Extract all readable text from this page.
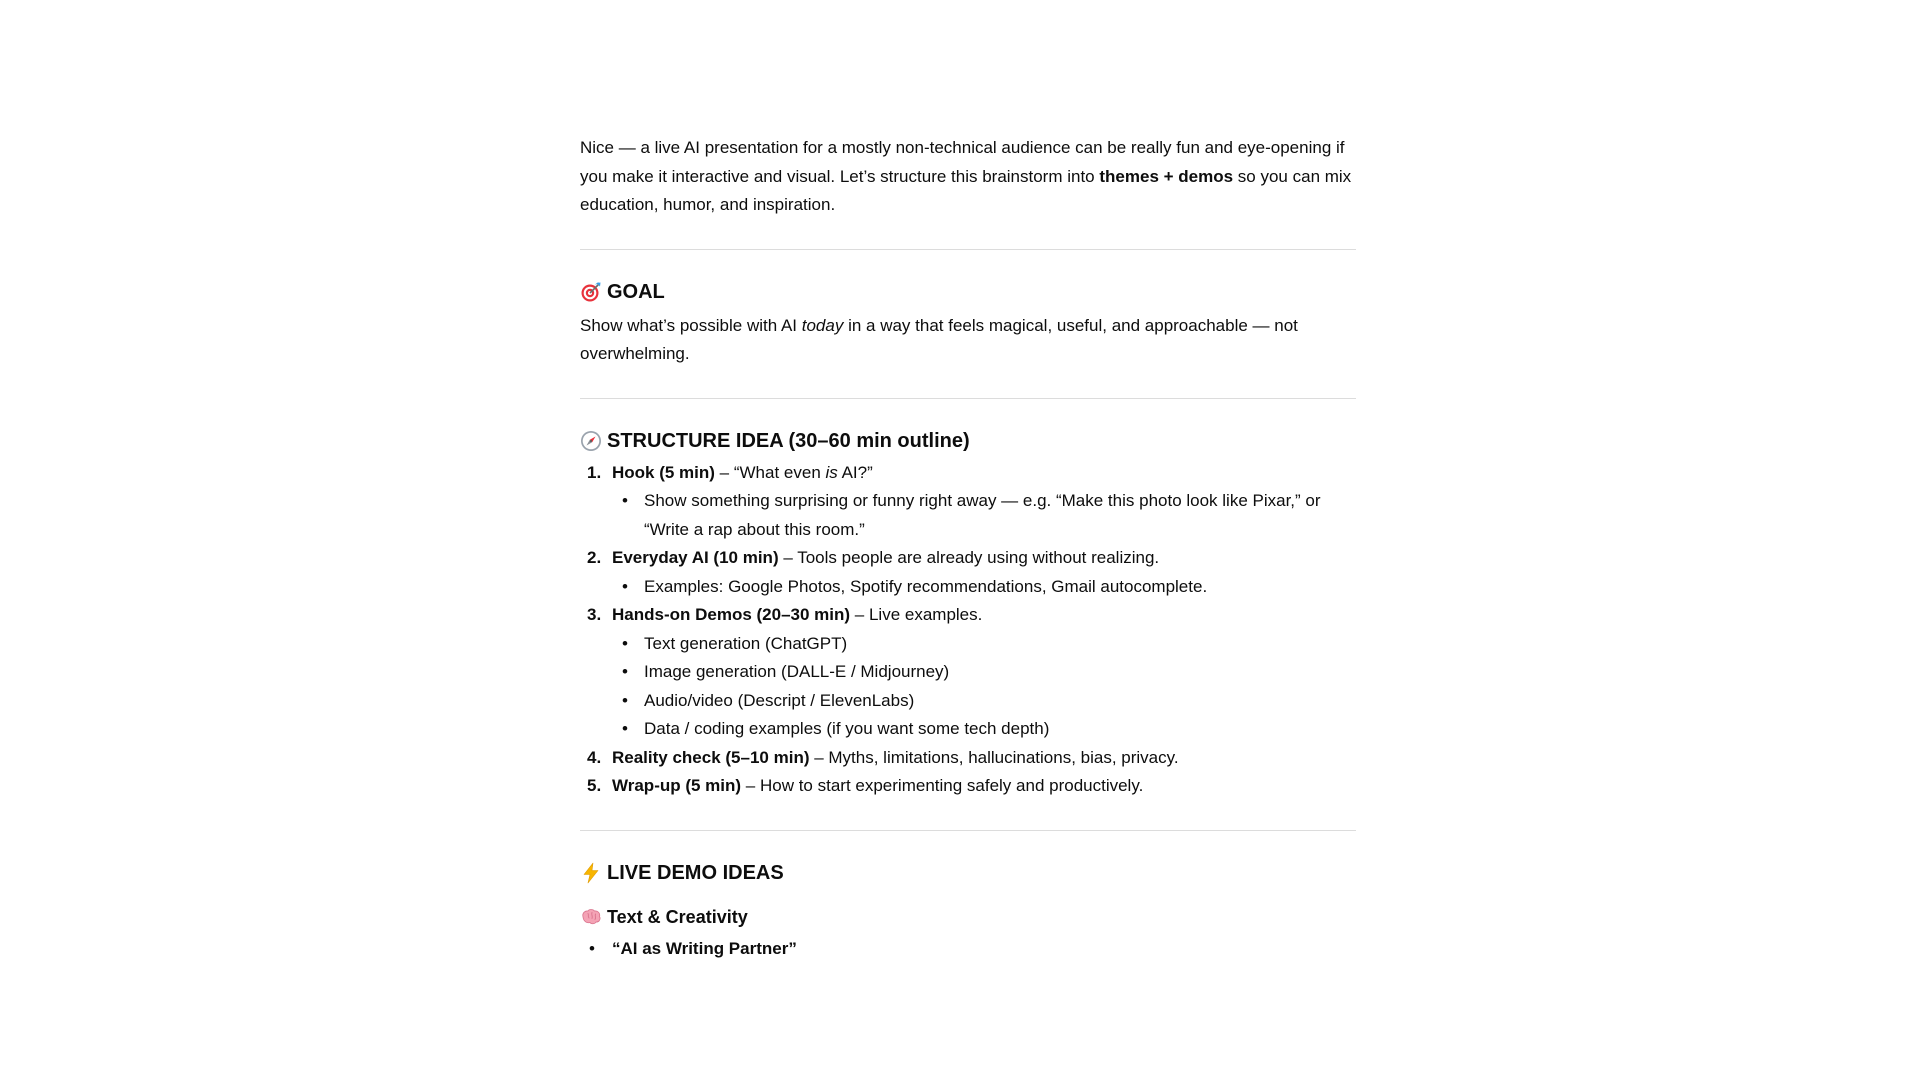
Nice — a live AI presentation for a mostly non-technical audience can be really fun and eye-opening if you make it interactive and visual. Let’s structure this brainstorm into themes + demos so you can mix education, humor, and inspiration.

GOAL

Show what’s possible with AI today in a way that feels magical, useful, and approachable — not overwhelming.

STRUCTURE IDEA (30–60 min outline)
1. Hook (5 min) – “What even is AI?”
• Show something surprising or funny right away — e.g. “Make this photo look like Pixar,” or “Write a rap about this room.”
2. Everyday AI (10 min) – Tools people are already using without realizing.
• Examples: Google Photos, Spotify recommendations, Gmail autocomplete.
3. Hands-on Demos (20–30 min) – Live examples.
• Text generation (ChatGPT)
• Image generation (DALL-E / Midjourney)
• Audio/video (Descript / ElevenLabs)
• Data / coding examples (if you want some tech depth)
4. Reality check (5–10 min) – Myths, limitations, hallucinations, bias, privacy.
5. Wrap-up (5 min) – How to start experimenting safely and productively.
LIVE DEMO IDEAS
Text & Creativity
• “AI as Writing Partner”
